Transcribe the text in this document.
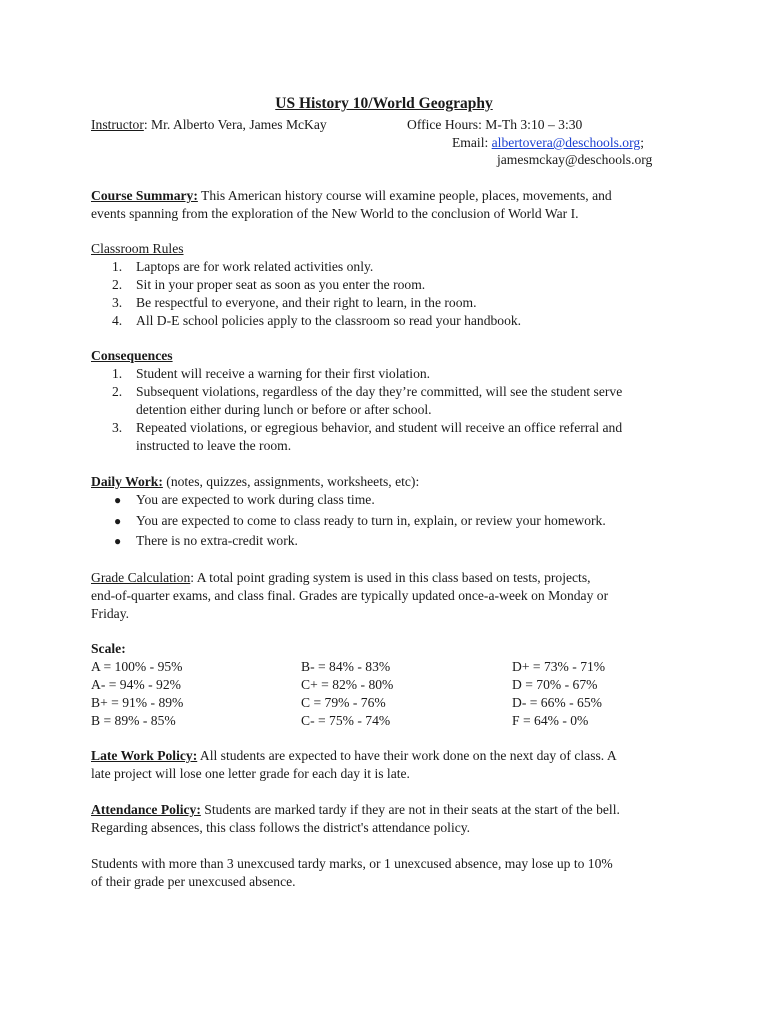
US History 10/World Geography
Instructor: Mr. Alberto Vera, James McKay	Office Hours: M-Th 3:10 – 3:30
Email: albertovera@deschools.org;
jamesmckay@deschools.org
Course Summary: This American history course will examine people, places, movements, and
events spanning from the exploration of the New World to the conclusion of World War I.
Classroom Rules
1. Laptops are for work related activities only.
2. Sit in your proper seat as soon as you enter the room.
3. Be respectful to everyone, and their right to learn, in the room.
4. All D-E school policies apply to the classroom so read your handbook.
Consequences
1. Student will receive a warning for their first violation.
2. Subsequent violations, regardless of the day they’re committed, will see the student serve
detention either during lunch or before or after school.
3. Repeated violations, or egregious behavior, and student will receive an office referral and
instructed to leave the room.
Daily Work: (notes, quizzes, assignments, worksheets, etc):
● You are expected to work during class time.
● You are expected to come to class ready to turn in, explain, or review your homework.
● There is no extra-credit work.
Grade Calculation: A total point grading system is used in this class based on tests, projects,
end-of-quarter exams, and class final. Grades are typically updated once-a-week on Monday or
Friday.
Scale:
A = 100% - 95%
A- = 94% - 92%
B+ = 91% - 89%
B = 89% - 85%
B- = 84% - 83%
C+ = 82% - 80%
C = 79% - 76%
C- = 75% - 74%
D+ = 73% - 71%
D = 70% - 67%
D- = 66% - 65%
F = 64% - 0%
Late Work Policy: All students are expected to have their work done on the next day of class. A
late project will lose one letter grade for each day it is late.
Attendance Policy: Students are marked tardy if they are not in their seats at the start of the bell.
Regarding absences, this class follows the district's attendance policy.
Students with more than 3 unexcused tardy marks, or 1 unexcused absence, may lose up to 10%
of their grade per unexcused absence.
